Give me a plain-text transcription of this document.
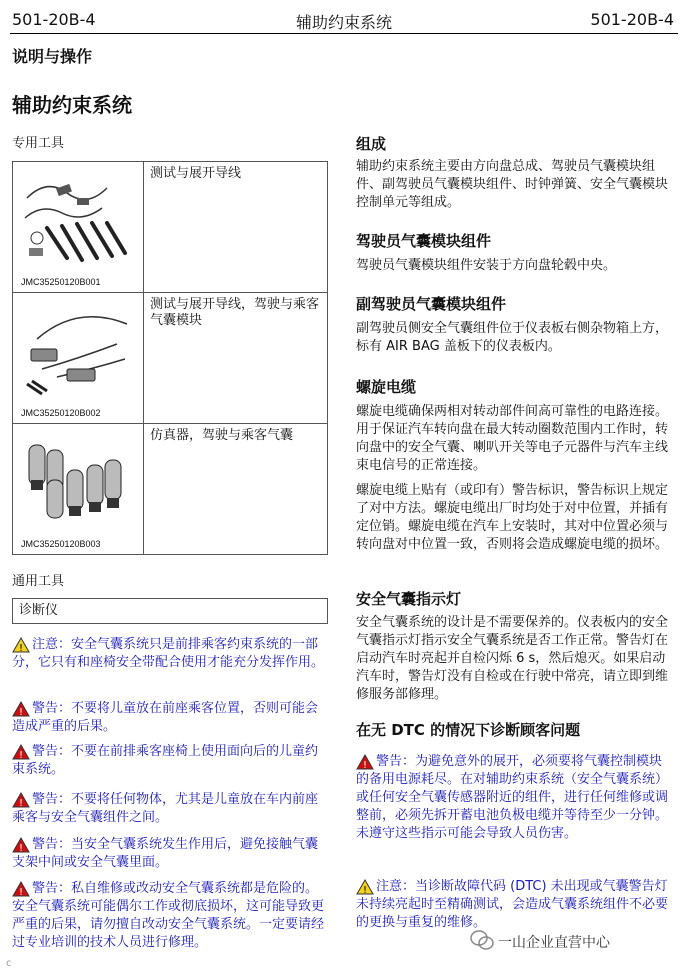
501-20B-4	辅助约束系统	501-20B-4
说明与操作
辅助约束系统
专用工具
JMC35250120B001
测试与展开导线
JMC35250120B002
测试与展开导线，驾驶与乘客气囊模块
JMC35250120B003
仿真器，驾驶与乘客气囊
通用工具
诊断仪
! 注意：安全气囊系统只是前排乘客约束系统的一部分，它只有和座椅安全带配合使用才能充分发挥作用。
! 警告：不要将儿童放在前座乘客位置，否则可能会造成严重的后果。
! 警告：不要在前排乘客座椅上使用面向后的儿童约束系统。
! 警告：不要将任何物体，尤其是儿童放在车内前座乘客与安全气囊组件之间。
! 警告：当安全气囊系统发生作用后，避免接触气囊支架中间或安全气囊里面。
! 警告：私自维修或改动安全气囊系统都是危险的。安全气囊系统可能偶尔工作或彻底损坏，这可能导致更严重的后果，请勿擅自改动安全气囊系统。一定要请经过专业培训的技术人员进行修理。
组成
辅助约束系统主要由方向盘总成、驾驶员气囊模块组件、副驾驶员气囊模块组件、时钟弹簧、安全气囊模块控制单元等组成。
驾驶员气囊模块组件
驾驶员气囊模块组件安装于方向盘轮毂中央。
副驾驶员气囊模块组件
副驾驶员侧安全气囊组件位于仪表板右侧杂物箱上方，标有 AIR BAG 盖板下的仪表板内。
螺旋电缆
螺旋电缆确保两相对转动部件间高可靠性的电路连接。用于保证汽车转向盘在最大转动圈数范围内工作时，转向盘中的安全气囊、喇叭开关等电子元器件与汽车主线束电信号的正常连接。
螺旋电缆上贴有（或印有）警告标识，警告标识上规定了对中方法。螺旋电缆出厂时均处于对中位置，并插有定位销。螺旋电缆在汽车上安装时，其对中位置必须与转向盘对中位置一致，否则将会造成螺旋电缆的损坏。
安全气囊指示灯
安全气囊系统的设计是不需要保养的。仪表板内的安全气囊指示灯指示安全气囊系统是否工作正常。警告灯在启动汽车时亮起并自检闪烁 6 s，然后熄灭。如果启动汽车时，警告灯没有自检或在行驶中常亮，请立即到维修服务部修理。
在无 DTC 的情况下诊断顾客问题
! 警告：为避免意外的展开，必须要将气囊控制模块的备用电源耗尽。在对辅助约束系统（安全气囊系统）或任何安全气囊传感器附近的组件，进行任何维修或调整前，必须先拆开蓄电池负极电缆并等待至少一分钟。未遵守这些指示可能会导致人员伤害。
! 注意：当诊断故障代码 (DTC) 未出现或气囊警告灯未持续亮起时至精确测试，会造成气囊系统组件不必要的更换与重复的维修。
一山企业直营中心
c
